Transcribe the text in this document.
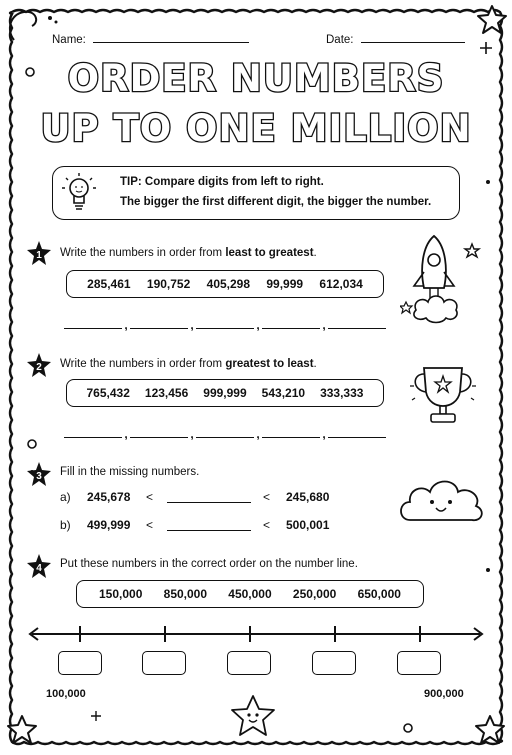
Name:	Date:
ORDER NUMBERS
UP TO ONE MILLION
TIP: Compare digits from left to right.
The bigger the first different digit, the bigger the number.
1 Write the numbers in order from least to greatest.
285,461 190,752 405,298 99,999 612,034
,	,	,	,
2 Write the numbers in order from greatest to least.
765,432 123,456 999,999 543,210 333,333
,	,	,	,
3 Fill in the missing numbers.
a) 245,678 <	< 245,680
b) 499,999 <	< 500,001
4 Put these numbers in the correct order on the number line.
150,000 850,000 450,000 250,000 650,000
100,000	900,000
